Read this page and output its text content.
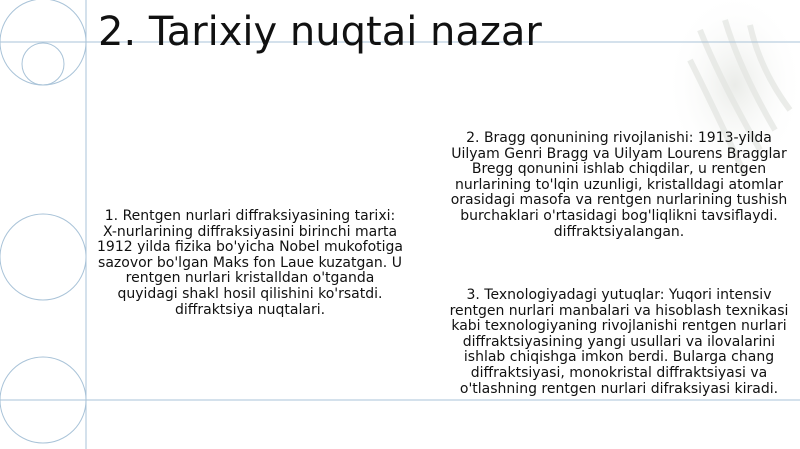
2. Tarixiy nuqtai nazar
1. Rentgen nurlari diffraksiyasining tarixi: X-nurlarining diffraksiyasini birinchi marta 1912 yilda fizika bo'yicha Nobel mukofotiga sazovor bo'lgan Maks fon Laue kuzatgan. U rentgen nurlari kristalldan o'tganda quyidagi shakl hosil qilishini ko'rsatdi. diffraktsiya nuqtalari.
2. Bragg qonunining rivojlanishi: 1913-yilda Uilyam Genri Bragg va Uilyam Lourens Bragglar Bregg qonunini ishlab chiqdilar, u rentgen nurlarining to'lqin uzunligi, kristalldagi atomlar orasidagi masofa va rentgen nurlarining tushish burchaklari o'rtasidagi bog'liqlikni tavsiflaydi. diffraktsiyalangan.
3. Texnologiyadagi yutuqlar: Yuqori intensiv rentgen nurlari manbalari va hisoblash texnikasi kabi texnologiyaning rivojlanishi rentgen nurlari diffraktsiyasining yangi usullari va ilovalarini ishlab chiqishga imkon berdi. Bularga chang diffraktsiyasi, monokristal diffraktsiyasi va o'tlashning rentgen nurlari difraksiyasi kiradi.
